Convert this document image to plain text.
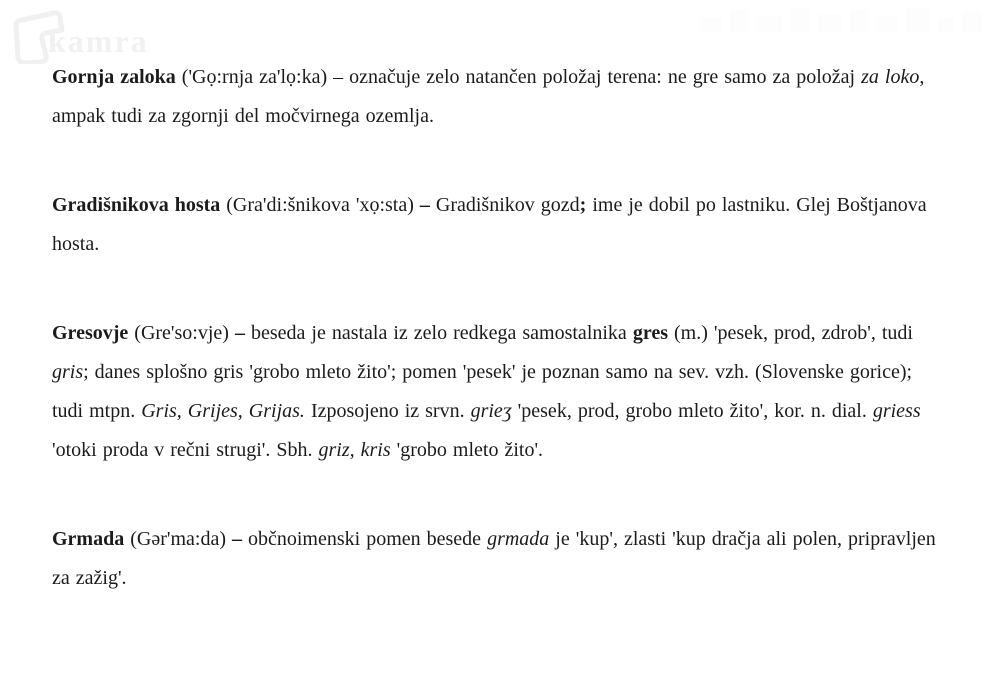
kamra

Gornja zaloka ('Gọ:rnja za'lọ:ka) – označuje zelo natančen položaj terena: ne gre samo za položaj za loko, ampak tudi za zgornji del močvirnega ozemlja.

Gradišnikova hosta (Gra'di:šnikova 'xọ:sta) – Gradišnikov gozd; ime je dobil po lastniku. Glej Boštjanova hosta.

Gresovje (Gre'so:vje) – beseda je nastala iz zelo redkega samostalnika gres (m.) 'pesek, prod, zdrob', tudi gris; danes splošno gris 'grobo mleto žito'; pomen 'pesek' je poznan samo na sev. vzh. (Slovenske gorice); tudi mtpn. Gris, Grijes, Grijas. Izposojeno iz srvn. grieʒ 'pesek, prod, grobo mleto žito', kor. n. dial. griess 'otoki proda v rečni strugi'. Sbh. griz, kris 'grobo mleto žito'.

Grmada (Gər'ma:da) – občnoimenski pomen besede grmada je 'kup', zlasti 'kup dračja ali polen, pripravljen za zažig'.
